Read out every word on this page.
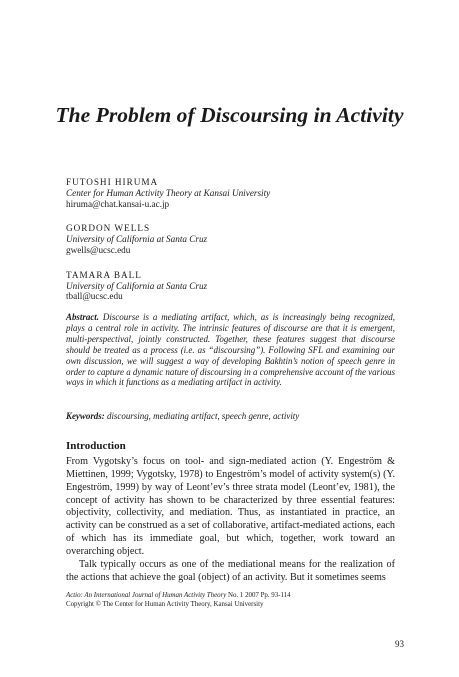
The Problem of Discoursing in Activity
FUTOSHI HIRUMA
Center for Human Activity Theory at Kansai University
hiruma@chat.kansai-u.ac.jp
GORDON WELLS
University of California at Santa Cruz
gwells@ucsc.edu
TAMARA BALL
University of California at Santa Cruz
tball@ucsc.edu

Abstract. Discourse is a mediating artifact, which, as is increasingly being recognized, plays a central role in activity. The intrinsic features of discourse are that it is emergent, multi-perspectival, jointly constructed. Together, these features suggest that discourse should be treated as a process (i.e. as “discoursing”). Following SFL and examining our own discussion, we will suggest a way of developing Bakhtin’s notion of speech genre in order to capture a dynamic nature of discoursing in a comprehensive account of the various ways in which it functions as a mediating artifact in activity.

Keywords: discoursing, mediating artifact, speech genre, activity

Introduction

From Vygotsky’s focus on tool- and sign-mediated action (Y. Engeström & Miettinen, 1999; Vygotsky, 1978) to Engeström’s model of activity system(s) (Y. Engeström, 1999) by way of Leont’ev’s three strata model (Leont’ev, 1981), the concept of activity has shown to be characterized by three essential features: objectivity, collectivity, and mediation. Thus, as instantiated in practice, an activity can be construed as a set of collaborative, artifact-mediated actions, each of which has its immediate goal, but which, together, work toward an overarching object.

Talk typically occurs as one of the mediational means for the realization of the actions that achieve the goal (object) of an activity. But it sometimes seems

Actio: An International Journal of Human Activity Theory No. 1 2007 Pp. 93-114
Copyright © The Center for Human Activity Theory, Kansai University
93
